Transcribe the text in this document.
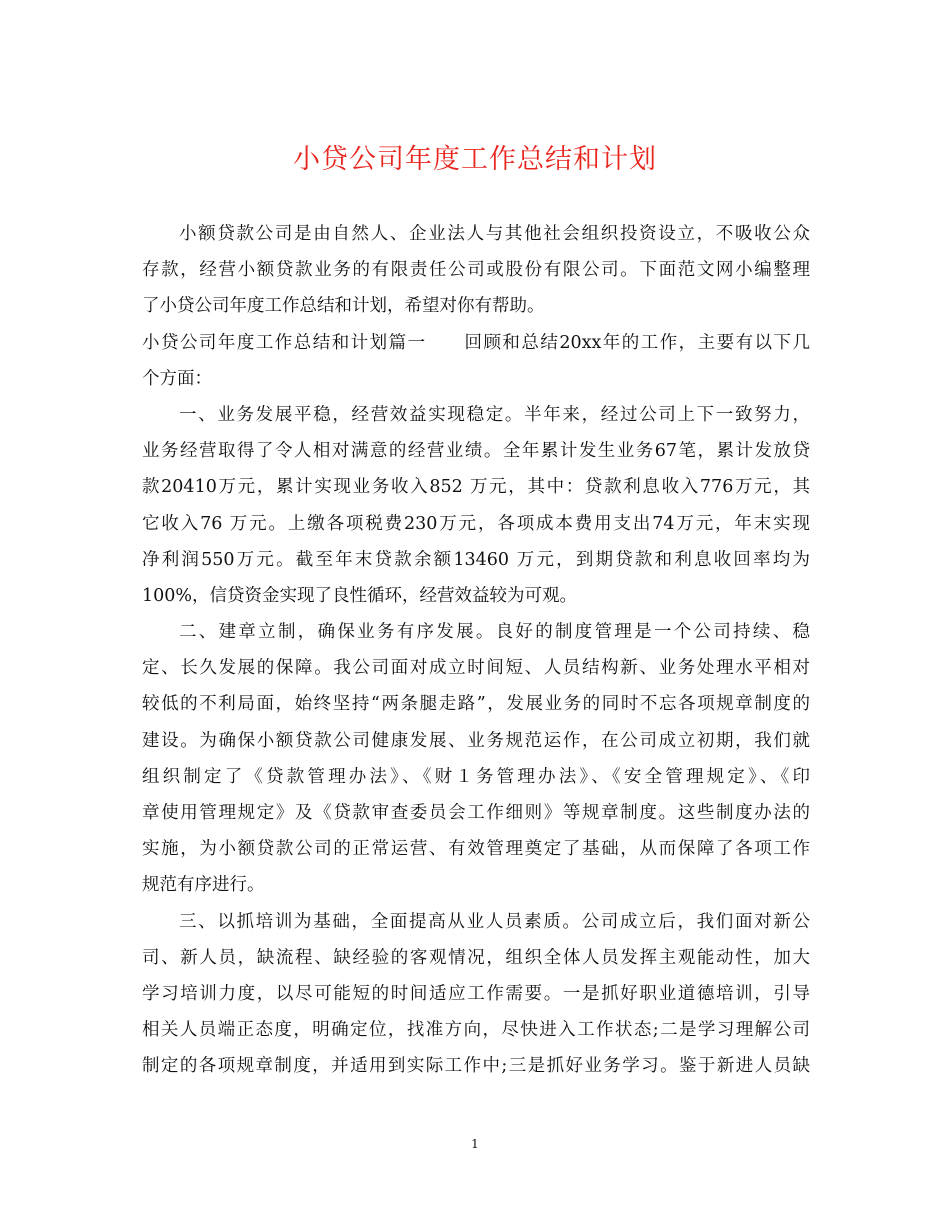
小贷公司年度工作总结和计划
小额贷款公司是由自然人、企业法人与其他社会组织投资设立，不吸收公众
存款，经营小额贷款业务的有限责任公司或股份有限公司。下面范文网小编整理
了小贷公司年度工作总结和计划，希望对你有帮助。
小贷公司年度工作总结和计划篇一　　回顾和总结20xx年的工作，主要有以下几
个方面：
一、业务发展平稳，经营效益实现稳定。半年来，经过公司上下一致努力，
业务经营取得了令人相对满意的经营业绩。全年累计发生业务67笔，累计发放贷
款20410万元，累计实现业务收入852 万元，其中：贷款利息收入776万元，其
它收入76 万元。上缴各项税费230万元，各项成本费用支出74万元，年末实现
净利润550万元。截至年末贷款余额13460 万元，到期贷款和利息收回率均为
100%，信贷资金实现了良性循环，经营效益较为可观。
二、建章立制，确保业务有序发展。良好的制度管理是一个公司持续、稳
定、长久发展的保障。我公司面对成立时间短、人员结构新、业务处理水平相对
较低的不利局面，始终坚持“两条腿走路”，发展业务的同时不忘各项规章制度的
建设。为确保小额贷款公司健康发展、业务规范运作，在公司成立初期，我们就
组织制定了《贷款管理办法》、《财１务管理办法》、《安全管理规定》、《印
章使用管理规定》及《贷款审查委员会工作细则》等规章制度。这些制度办法的
实施，为小额贷款公司的正常运营、有效管理奠定了基础，从而保障了各项工作
规范有序进行。
三、以抓培训为基础，全面提高从业人员素质。公司成立后，我们面对新公
司、新人员，缺流程、缺经验的客观情况，组织全体人员发挥主观能动性，加大
学习培训力度，以尽可能短的时间适应工作需要。一是抓好职业道德培训，引导
相关人员端正态度，明确定位，找准方向，尽快进入工作状态;二是学习理解公司
制定的各项规章制度，并适用到实际工作中;三是抓好业务学习。鉴于新进人员缺
1
